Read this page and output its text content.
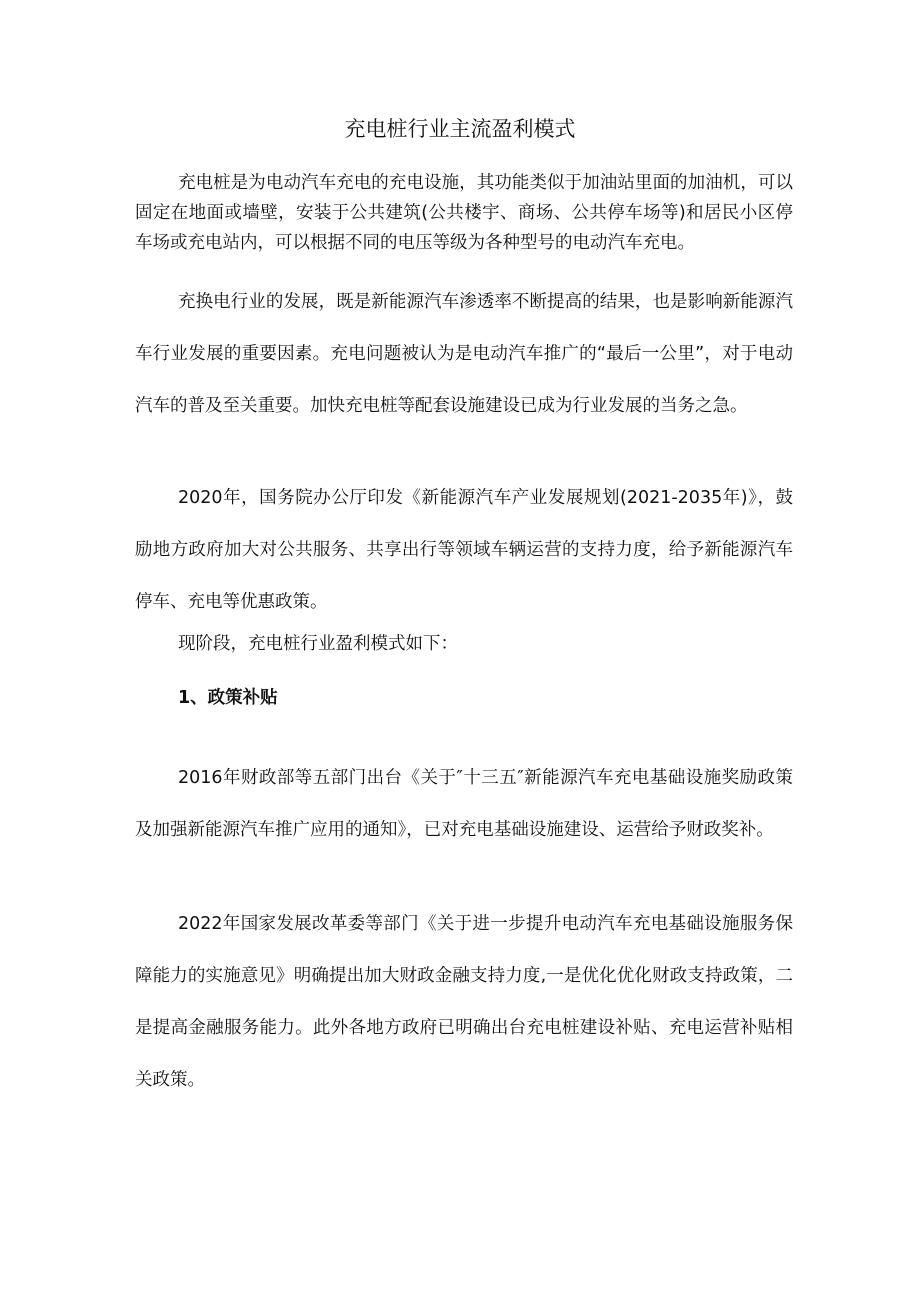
充电桩行业主流盈利模式

充电桩是为电动汽车充电的充电设施，其功能类似于加油站里面的加油机，可以固定在地面或墙壁，安装于公共建筑(公共楼宇、商场、公共停车场等)和居民小区停车场或充电站内，可以根据不同的电压等级为各种型号的电动汽车充电。

充换电行业的发展，既是新能源汽车渗透率不断提高的结果，也是影响新能源汽车行业发展的重要因素。充电问题被认为是电动汽车推广的“最后一公里”，对于电动汽车的普及至关重要。加快充电桩等配套设施建设已成为行业发展的当务之急。

2020年，国务院办公厅印发《新能源汽车产业发展规划(2021-2035年)》，鼓励地方政府加大对公共服务、共享出行等领域车辆运营的支持力度，给予新能源汽车停车、充电等优惠政策。

现阶段，充电桩行业盈利模式如下：

1、政策补贴

2016年财政部等五部门出台《关于″十三五″新能源汽车充电基础设施奖励政策及加强新能源汽车推广应用的通知》，已对充电基础设施建设、运营给予财政奖补。

2022年国家发展改革委等部门《关于进一步提升电动汽车充电基础设施服务保障能力的实施意见》明确提出加大财政金融支持力度,一是优化优化财政支持政策，二是提高金融服务能力。此外各地方政府已明确出台充电桩建设补贴、充电运营补贴相关政策。
